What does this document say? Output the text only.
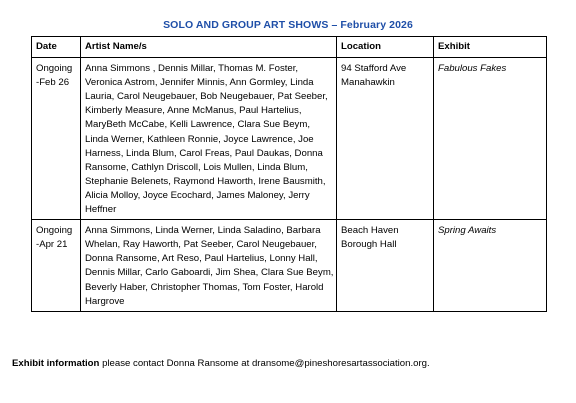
SOLO AND GROUP ART SHOWS – February 2026
Date	Artist Name/s	Location	Exhibit
Ongoing -Feb 26	Anna Simmons , Dennis Millar, Thomas M. Foster, Veronica Astrom, Jennifer Minnis, Ann Gormley, Linda Lauria, Carol Neugebauer, Bob Neugebauer, Pat Seeber, Kimberly Measure, Anne McManus, Paul Hartelius, MaryBeth McCabe, Kelli Lawrence, Clara Sue Beym, Linda Werner, Kathleen Ronnie, Joyce Lawrence, Joe Harness, Linda Blum, Carol Freas, Paul Daukas, Donna Ransome, Cathlyn Driscoll, Lois Mullen, Linda Blum, Stephanie Belenets, Raymond Haworth, Irene Bausmith, Alicia Molloy, Joyce Ecochard, James Maloney, Jerry Heffner	94 Stafford Ave Manahawkin	Fabulous Fakes
Ongoing -Apr 21	Anna Simmons, Linda Werner, Linda Saladino, Barbara Whelan, Ray Haworth, Pat Seeber, Carol Neugebauer, Donna Ransome, Art Reso, Paul Hartelius, Lonny Hall, Dennis Millar, Carlo Gaboardi, Jim Shea, Clara Sue Beym, Beverly Haber, Christopher Thomas, Tom Foster, Harold Hargrove	Beach Haven Borough Hall	Spring Awaits
Exhibit information please contact Donna Ransome at dransome@pineshoresartassociation.org.
